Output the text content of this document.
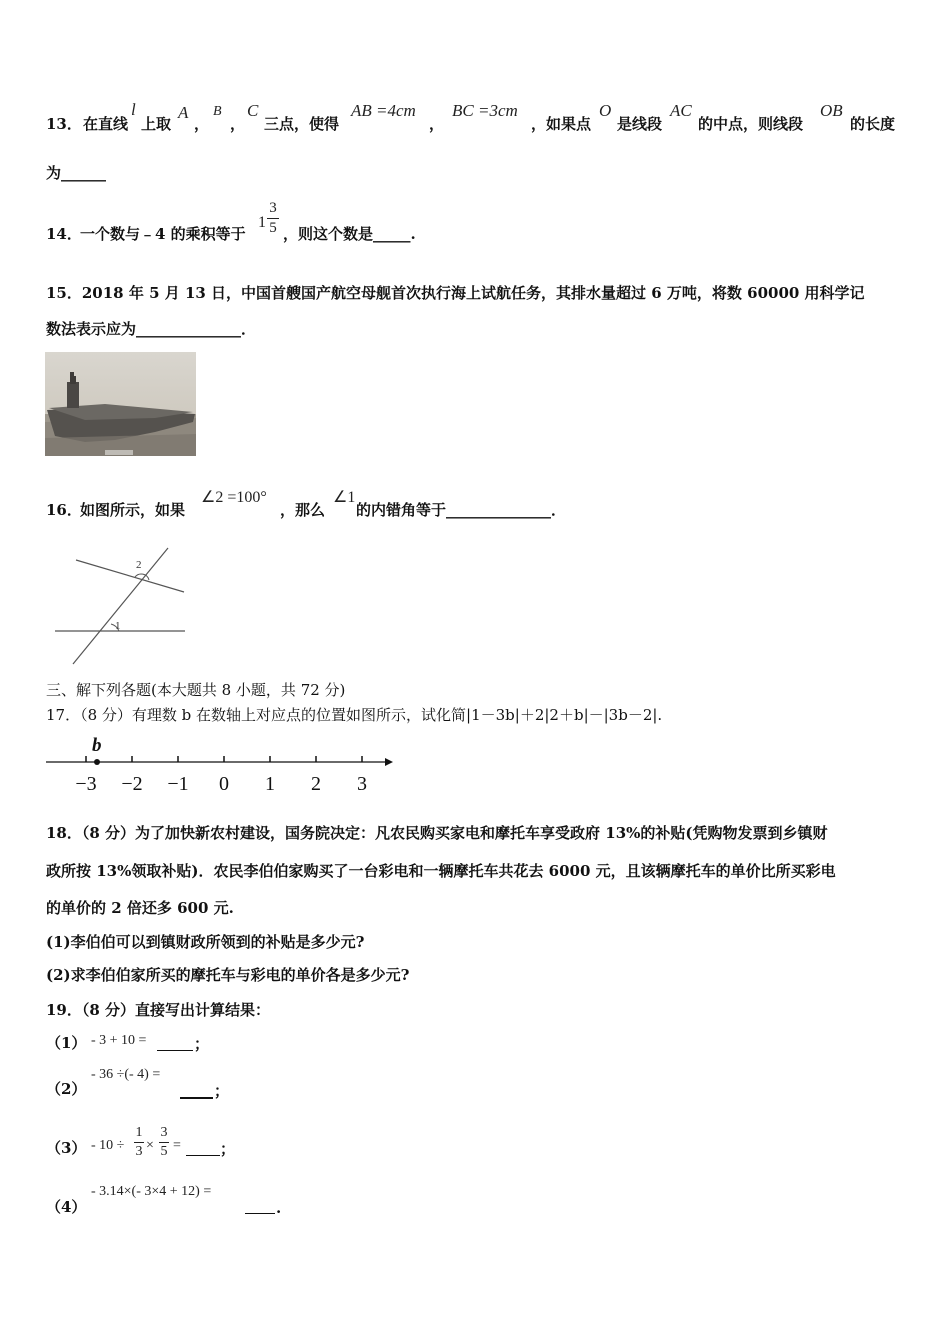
13． 在直线
l
上取
A
，
B
，
C
三点，使得
AB =4cm
，
BC =3cm
，如果点
O
是线段
AC
的中点，则线段
OB
的长度
为______
14．
一个数与﹣4 的乘积等于
1
3
5 ，则这个数是_____.
15．2018 年 5 月 13 日，中国首艘国产航空母舰首次执行海上试航任务，其排水量超过 6 万吨，将数 60000 用科学记
数法表示应为______________．
16．
如图所示，如果
∠2 =100°
，那么
∠1
的内错角等于______________．
2
1
三、解下列各题(本大题共 8 小题，共 72 分)
17．（8 分）有理数 b 在数轴上对应点的位置如图所示，试化简|1－3b|＋2|2＋b|－|3b－2|.
−3 −2 −1 0 1 2 3
b
18．（8 分）为了加快新农村建设，国务院决定：凡农民购买家电和摩托车享受政府 13%的补贴(凭购物发票到乡镇财
政所按 13%领取补贴)．农民李伯伯家购买了一台彩电和一辆摩托车共花去 6000 元，且该辆摩托车的单价比所买彩电
的单价的 2 倍还多 600 元.
(1)李伯伯可以到镇财政所领到的补贴是多少元?
(2)求李伯伯家所买的摩托车与彩电的单价各是多少元?
19．（8 分）直接写出计算结果：
（1） - 3 + 10 =	；
（2）
- 36 ÷(- 4) =
；
（3） - 10 ÷
1
3 ×
3
5 =	；
（4）
- 3.14×(- 3×4 + 12) =
.
